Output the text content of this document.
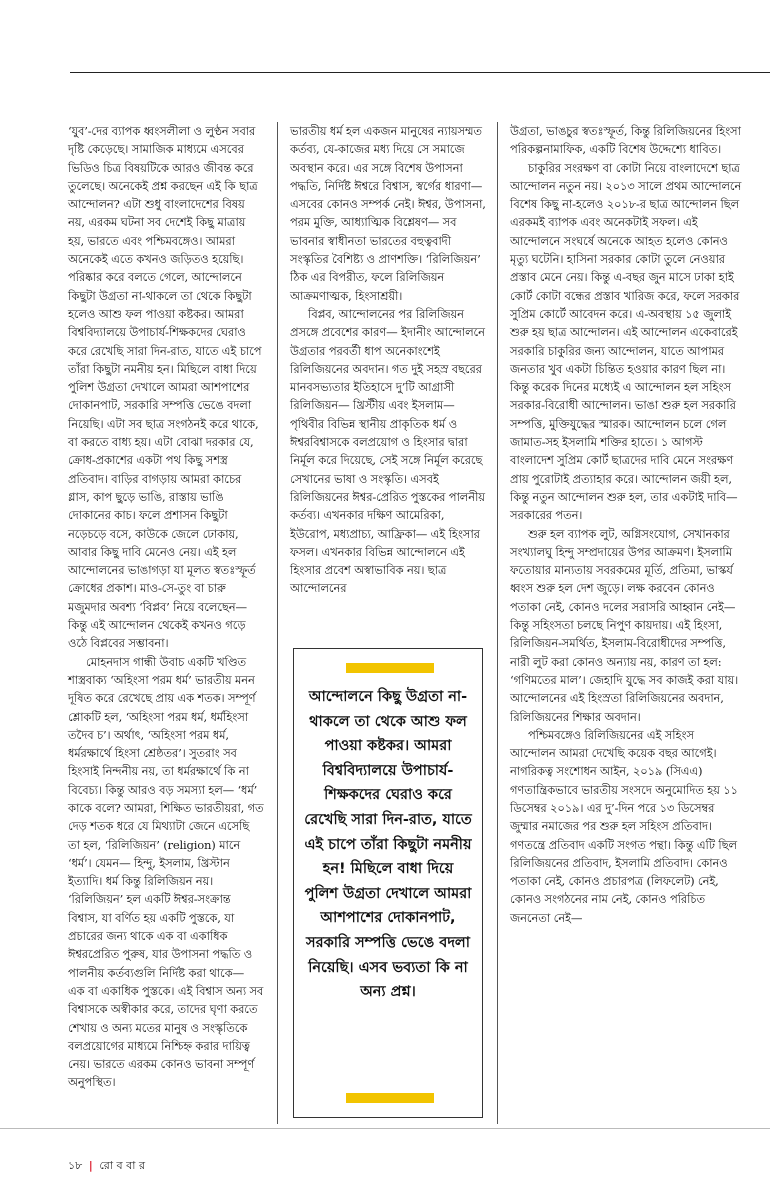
‘যুব’-দের ব্যাপক ধ্বংসলীলা ও লুণ্ঠন সবার দৃষ্টি কেড়েছে। সামাজিক মাধ্যমে এসবের ভিডিও চিত্র বিষয়টিকে আরও জীবন্ত করে তুলেছে। অনেকেই প্রশ্ন করছেন এই কি ছাত্র আন্দোলন? এটা শুধু বাংলাদেশের বিষয় নয়, এরকম ঘটনা সব দেশেই কিছু মাত্রায় হয়, ভারতে এবং পশ্চিমবঙ্গেও। আমরা অনেকেই এতে কখনও জড়িতও হয়েছি। পরিষ্কার করে বলতে গেলে, আন্দোলনে কিছুটা উগ্রতা না-থাকলে তা থেকে কিছুটা হলেও আশু ফল পাওয়া কষ্টকর। আমরা বিশ্ববিদ্যালয়ে উপাচার্য-শিক্ষকদের ঘেরাও করে রেখেছি সারা দিন-রাত, যাতে এই চাপে তাঁরা কিছুটা নমনীয় হন। মিছিলে বাধা দিয়ে পুলিশ উগ্রতা দেখালে আমরা আশপাশের দোকানপাট, সরকারি সম্পত্তি ভেঙে বদলা নিয়েছি। এটা সব ছাত্র সংগঠনই করে থাকে, বা করতে বাধ্য হয়। এটা বোঝা দরকার যে, ক্রোধ-প্রকাশের একটা পথ কিছু সশস্ত্র প্রতিবাদ। বাড়ির বাগড়ায় আমরা কাচের গ্লাস, কাপ ছুড়ে ভাঙি, রাস্তায় ভাঙি দোকানের কাচ। ফলে প্রশাসন কিছুটা নড়েচড়ে বসে, কাউকে জেলে ঢোকায়, আবার কিছু দাবি মেনেও নেয়। এই হল আন্দোলনের ভাঙাগড়া যা মূলত স্বতঃস্ফূর্ত ক্রোধের প্রকাশ। মাও-সে-তুং বা চারু মজুমদার অবশ্য ‘বিপ্লব’ নিয়ে বলেছেন— কিন্তু এই আন্দোলন থেকেই কখনও গড়ে ওঠে বিপ্লবের সম্ভাবনা।

মোহনদাস গান্ধী উবাচ একটি খণ্ডিত শাস্ত্রবাক্য ‘অহিংসা পরম ধর্ম’ ভারতীয় মনন দূষিত করে রেখেছে প্রায় এক শতক। সম্পূর্ণ শ্লোকটি হল, ‘অহিংসা পরম ধর্ম, ধর্মহিংসা তদৈব চ’। অর্থাৎ, ‘অহিংসা পরম ধর্ম, ধর্মরক্ষার্থে হিংসা শ্রেষ্ঠতর’। সুতরাং সব হিংসাই নিন্দনীয় নয়, তা ধর্মরক্ষার্থে কি না বিবেচ্য। কিন্তু আরও বড় সমস্যা হল— ‘ধর্ম’ কাকে বলে? আমরা, শিক্ষিত ভারতীয়রা, গত দেড় শতক ধরে যে মিথ্যাটা জেনে এসেছি তা হল, ‘রিলিজিয়ন’ (religion) মানে ‘ধর্ম’। যেমন— হিন্দু, ইসলাম, খ্রিস্টান ইত্যাদি। ধর্ম কিন্তু রিলিজিয়ন নয়। ‘রিলিজিয়ন’ হল একটি ঈশ্বর-সংক্রান্ত বিশ্বাস, যা বর্ণিত হয় একটি পুস্তকে, যা প্রচারের জন্য থাকে এক বা একাধিক ঈশ্বরপ্রেরিত পুরুষ, যার উপাসনা পদ্ধতি ও পালনীয় কর্তব্যগুলি নির্দিষ্ট করা থাকে— এক বা একাধিক পুস্তকে। এই বিশ্বাস অন্য সব বিশ্বাসকে অস্বীকার করে, তাদের ঘৃণা করতে শেখায় ও অন্য মতের মানুষ ও সংস্কৃতিকে বলপ্রয়োগের মাধ্যমে নিশ্চিহ্ন করার দায়িত্ব নেয়। ভারতে এরকম কোনও ভাবনা সম্পূর্ণ অনুপস্থিত।

ভারতীয় ধর্ম হল একজন মানুষের ন্যায়সম্মত কর্তব্য, যে-কাজের মধ্য দিয়ে সে সমাজে অবস্থান করে। এর সঙ্গে বিশেষ উপাসনা পদ্ধতি, নির্দিষ্ট ঈশ্বরে বিশ্বাস, স্বর্গের ধারণা— এসবের কোনও সম্পর্ক নেই। ঈশ্বর, উপাসনা, পরম মুক্তি, আধ্যাত্মিক বিশ্লেষণ— সব ভাবনার স্বাধীনতা ভারতের বহুত্ববাদী সংস্কৃতির বৈশিষ্ট্য ও প্রাণশক্তি। ‘রিলিজিয়ন’ ঠিক এর বিপরীত, ফলে রিলিজিয়ন আক্রমণাত্মক, হিংসাশ্রয়ী।

বিপ্লব, আন্দোলনের পর রিলিজিয়ন প্রসঙ্গে প্রবেশের কারণ— ইদানীং আন্দোলনে উগ্রতার পরবর্তী ধাপ অনেকাংশেই রিলিজিয়নের অবদান। গত দুই সহস্র বছরের মানবসভ্যতার ইতিহাসে দু’টি আগ্রাসী রিলিজিয়ন— খ্রিস্টীয় এবং ইসলাম— পৃথিবীর বিভিন্ন স্থানীয় প্রাকৃতিক ধর্ম ও ঈশ্বরবিশ্বাসকে বলপ্রয়োগ ও হিংসার দ্বারা নির্মূল করে দিয়েছে, সেই সঙ্গে নির্মূল করেছে সেখানের ভাষা ও সংস্কৃতি। এসবই রিলিজিয়নের ঈশ্বর-প্রেরিত পুস্তকের পালনীয় কর্তব্য। এখনকার দক্ষিণ আমেরিকা, ইউরোপ, মধ্যপ্রাচ্য, আফ্রিকা— এই হিংসার ফসল। এখনকার বিভিন্ন আন্দোলনে এই হিংসার প্রবেশ অস্বাভাবিক নয়। ছাত্র আন্দোলনের

আন্দোলনে কিছু উগ্রতা না-থাকলে তা থেকে আশু ফল পাওয়া কষ্টকর। আমরা বিশ্ববিদ্যালয়ে উপাচার্য-শিক্ষকদের ঘেরাও করে রেখেছি সারা দিন-রাত, যাতে এই চাপে তাঁরা কিছুটা নমনীয় হন! মিছিলে বাধা দিয়ে পুলিশ উগ্রতা দেখালে আমরা আশপাশের দোকানপাট, সরকারি সম্পত্তি ভেঙে বদলা নিয়েছি। এসব ভব্যতা কি না অন্য প্রশ্ন।

উগ্রতা, ভাঙচুর স্বতঃস্ফূর্ত, কিন্তু রিলিজিয়নের হিংসা পরিকল্পনামাফিক, একটি বিশেষ উদ্দেশ্যে ধাবিত।

চাকুরির সংরক্ষণ বা কোটা নিয়ে বাংলাদেশে ছাত্র আন্দোলন নতুন নয়। ২০১৩ সালে প্রথম আন্দোলনে বিশেষ কিছু না-হলেও ২০১৮-র ছাত্র আন্দোলন ছিল এরকমই ব্যাপক এবং অনেকটাই সফল। এই আন্দোলনে সংঘর্ষে অনেকে আহত হলেও কোনও মৃত্যু ঘটেনি। হাসিনা সরকার কোটা তুলে নেওয়ার প্রস্তাব মেনে নেয়। কিন্তু এ-বছর জুন মাসে ঢাকা হাই কোর্ট কোটা বন্ধের প্রস্তাব খারিজ করে, ফলে সরকার সুপ্রিম কোর্টে আবেদন করে। এ-অবস্থায় ১৫ জুলাই শুরু হয় ছাত্র আন্দোলন। এই আন্দোলন একেবারেই সরকারি চাকুরির জন্য আন্দোলন, যাতে আপামর জনতার খুব একটা চিন্তিত হওয়ার কারণ ছিল না। কিন্তু করেক দিনের মধ্যেই এ আন্দোলন হল সহিংস সরকার-বিরোধী আন্দোলন। ভাঙা শুরু হল সরকারি সম্পত্তি, মুক্তিযুদ্ধের স্মারক। আন্দোলন চলে গেল জামাত-সহ ইসলামি শক্তির হাতে। ১ আগস্ট বাংলাদেশ সুপ্রিম কোর্ট ছাত্রদের দাবি মেনে সংরক্ষণ প্রায় পুরোটাই প্রত্যাহার করে। আন্দোলন জয়ী হল, কিন্তু নতুন আন্দোলন শুরু হল, তার একটাই দাবি— সরকারের পতন।

শুরু হল ব্যাপক লুট, অগ্নিসংযোগ, সেখানকার সংখ্যালঘু হিন্দু সম্প্রদায়ের উপর আক্রমণ। ইসলামি ফতোয়ার মান্যতায় সবরকমের মূর্তি, প্রতিমা, ভাস্কর্য ধ্বংস শুরু হল দেশ জুড়ে। লক্ষ করবেন কোনও পতাকা নেই, কোনও দলের সরাসরি আহ্বান নেই— কিন্তু সহিংসতা চলছে নিপুণ কায়দায়। এই হিংসা, রিলিজিয়ন-সমর্থিত, ইসলাম-বিরোধীদের সম্পত্তি, নারী লুট করা কোনও অন্যায় নয়, কারণ তা হল: ‘গণিমতের মাল’। জেহাদি যুদ্ধে সব কাজই করা যায়। আন্দোলনের এই হিংস্রতা রিলিজিয়নের অবদান, রিলিজিয়নের শিক্ষার অবদান।

পশ্চিমবঙ্গেও রিলিজিয়নের এই সহিংস আন্দোলন আমরা দেখেছি কয়েক বছর আগেই। নাগরিকত্ব সংশোধন আইন, ২০১৯ (সিএএ) গণতান্ত্রিকভাবে ভারতীয় সংসদে অনুমোদিত হয় ১১ ডিসেম্বর ২০১৯। এর দু’-দিন পরে ১৩ ডিসেম্বর জুম্মার নমাজের পর শুরু হল সহিংস প্রতিবাদ। গণতন্ত্রে প্রতিবাদ একটি সংগত পন্থা। কিন্তু এটি ছিল রিলিজিয়নের প্রতিবাদ, ইসলামি প্রতিবাদ। কোনও পতাকা নেই, কোনও প্রচারপত্র (লিফলেট) নেই, কোনও সংগঠনের নাম নেই, কোনও পরিচিত জননেতা নেই—

১৮ | রো ব বা র
